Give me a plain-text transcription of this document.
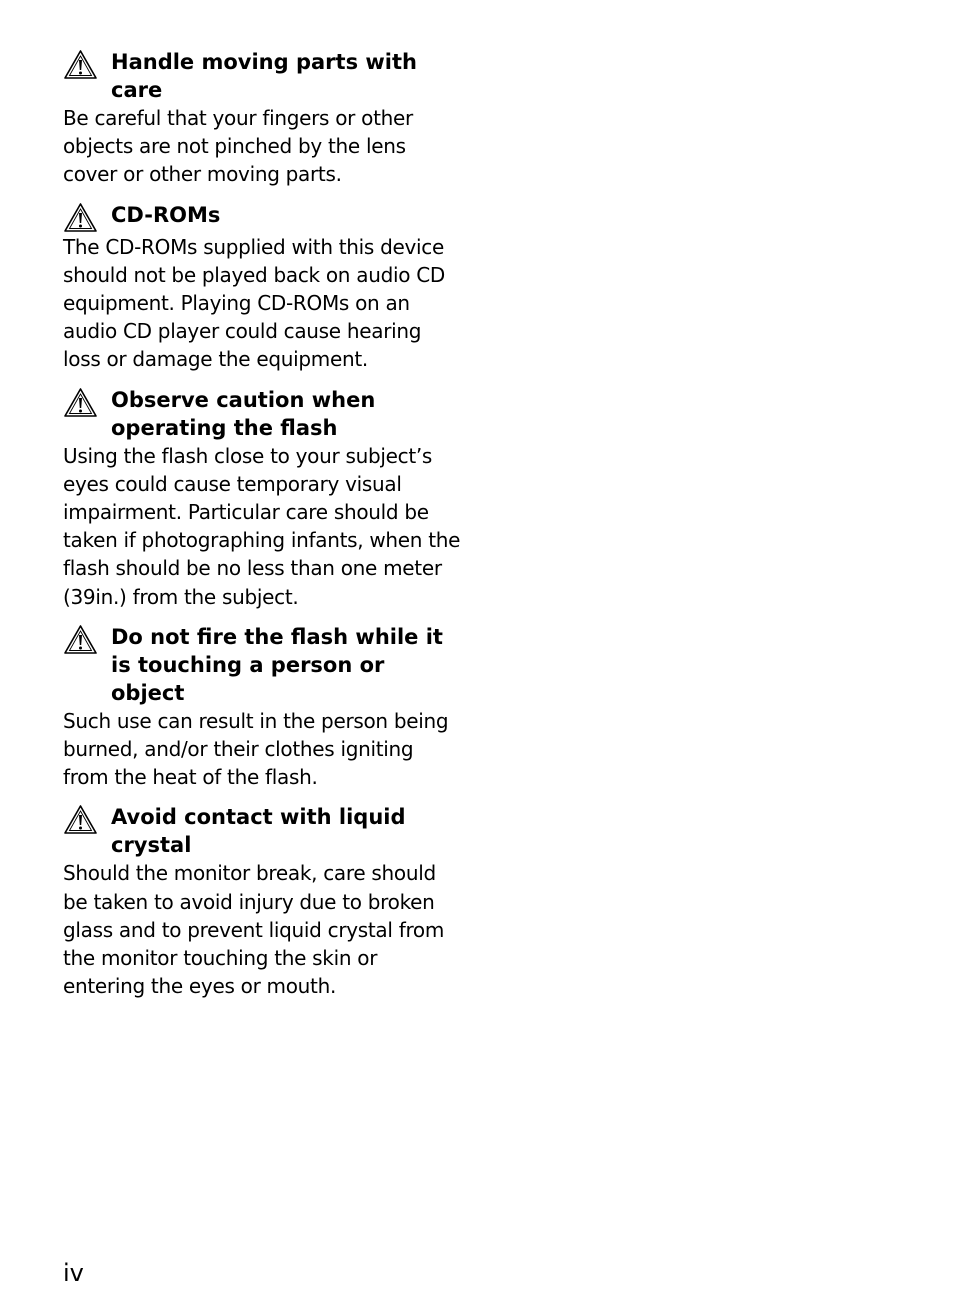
Handle moving parts with care

Be careful that your fingers or other objects are not pinched by the lens cover or other moving parts.

CD-ROMs

The CD-ROMs supplied with this device should not be played back on audio CD equipment. Playing CD-ROMs on an audio CD player could cause hearing loss or damage the equipment.

Observe caution when operating the flash

Using the flash close to your subject’s eyes could cause temporary visual impairment. Particular care should be taken if photographing infants, when the flash should be no less than one meter (39in.) from the subject.

Do not fire the flash while it is touching a person or object

Such use can result in the person being burned, and/or their clothes igniting from the heat of the flash.

Avoid contact with liquid crystal

Should the monitor break, care should be taken to avoid injury due to broken glass and to prevent liquid crystal from the monitor touching the skin or entering the eyes or mouth.

iv
